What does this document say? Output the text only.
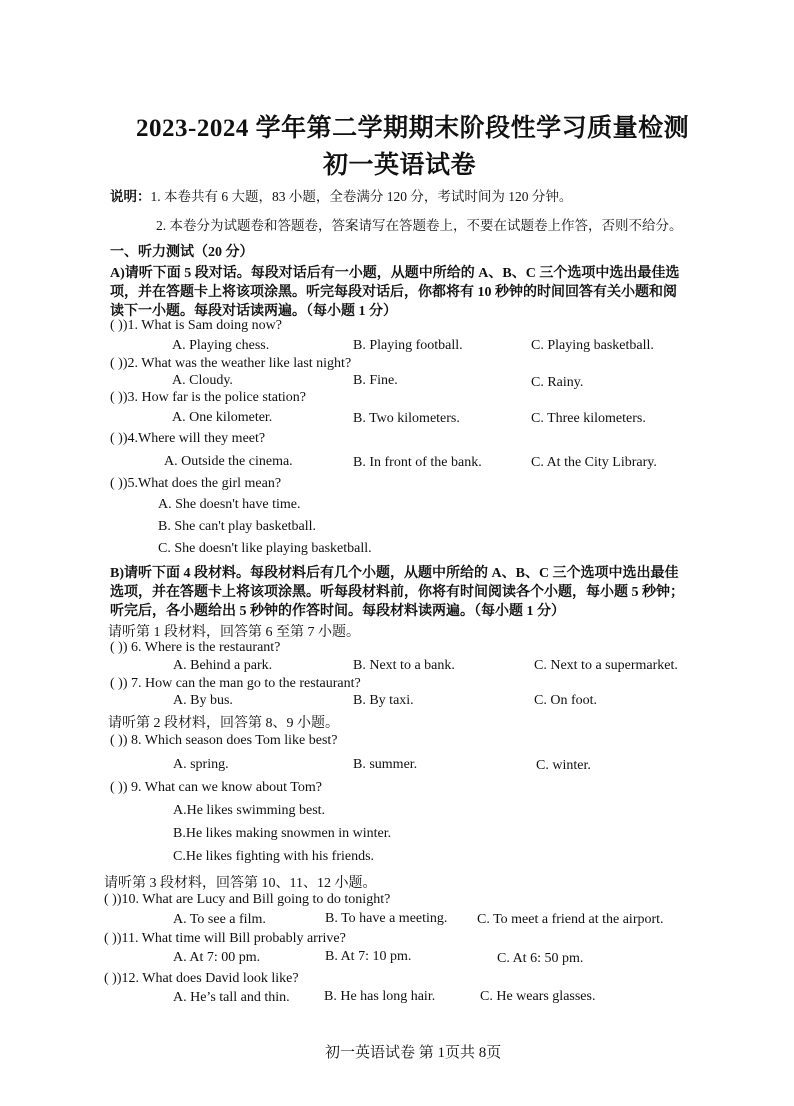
2023-2024 学年第二学期期末阶段性学习质量检测
初一英语试卷
说明：1. 本卷共有 6 大题，83 小题，全卷满分 120 分，考试时间为 120 分钟。
2. 本卷分为试题卷和答题卷，答案请写在答题卷上，不要在试题卷上作答，否则不给分。
一、听力测试（20 分）
A)请听下面 5 段对话。每段对话后有一小题，从题中所给的 A、B、C 三个选项中选出最佳选
项，并在答题卡上将该项涂黑。听完每段对话后，你都将有 10 秒钟的时间回答有关小题和阅
读下一小题。每段对话读两遍。（每小题 1 分）
( ))1. What is Sam doing now?
A. Playing chess.	B. Playing football.	C. Playing basketball.
( ))2. What was the weather like last night?
A. Cloudy.	B. Fine.	C. Rainy.
( ))3. How far is the police station?
A. One kilometer.	B. Two kilometers.	C. Three kilometers.
( ))4.Where will they meet?
A. Outside the cinema.	B. In front of the bank.	C. At the City Library.
( ))5.What does the girl mean?
A. She doesn't have time.
B. She can't play basketball.
C. She doesn't like playing basketball.
B)请听下面 4 段材料。每段材料后有几个小题，从题中所给的 A、B、C 三个选项中选出最佳
选项，并在答题卡上将该项涂黑。听每段材料前，你将有时间阅读各个小题，每小题 5 秒钟；
听完后，各小题给出 5 秒钟的作答时间。每段材料读两遍。（每小题 1 分）
请听第 1 段材料，回答第 6 至第 7 小题。
( )) 6. Where is the restaurant?
A. Behind a park.	B. Next to a bank.	C. Next to a supermarket.
( )) 7. How can the man go to the restaurant?
A. By bus.	B. By taxi.	C. On foot.
请听第 2 段材料，回答第 8、9 小题。
( )) 8. Which season does Tom like best?
A. spring.	B. summer.	C. winter.
( )) 9. What can we know about Tom?
A.He likes swimming best.
B.He likes making snowmen in winter.
C.He likes fighting with his friends.
请听第 3 段材料，回答第 10、11、12 小题。
( ))10. What are Lucy and Bill going to do tonight?
A. To see a film.	B. To have a meeting. C. To meet a friend at the airport.
( ))11. What time will Bill probably arrive?
A. At 7: 00 pm.	B. At 7: 10 pm.	C. At 6: 50 pm.
( ))12. What does David look like?
A. He’s tall and thin. B. He has long hair.	C. He wears glasses.
初一英语试卷 第 1页共 8页
